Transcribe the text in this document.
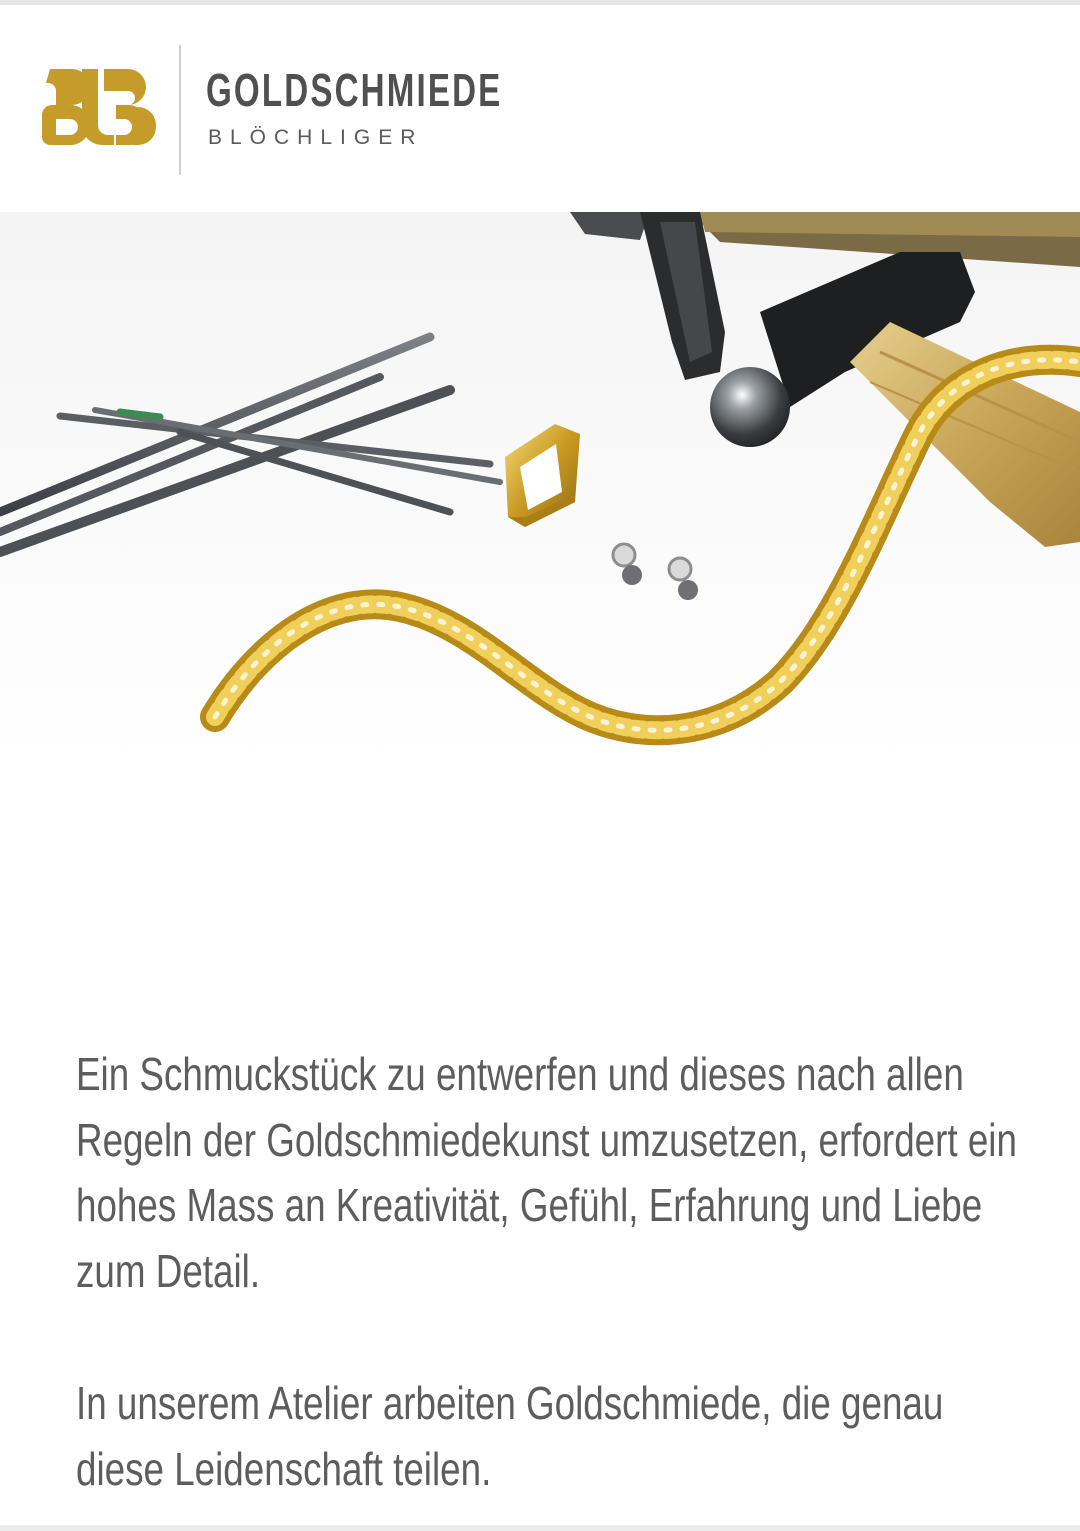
GOLDSCHMIEDE
BLÖCHLIGER

Ein Schmuckstück zu entwerfen und dieses nach allen Regeln der Goldschmiedekunst umzusetzen, erfordert ein hohes Mass an Kreativität, Gefühl, Erfahrung und Liebe zum Detail.

In unserem Atelier arbeiten Goldschmiede, die genau diese Leidenschaft teilen.
